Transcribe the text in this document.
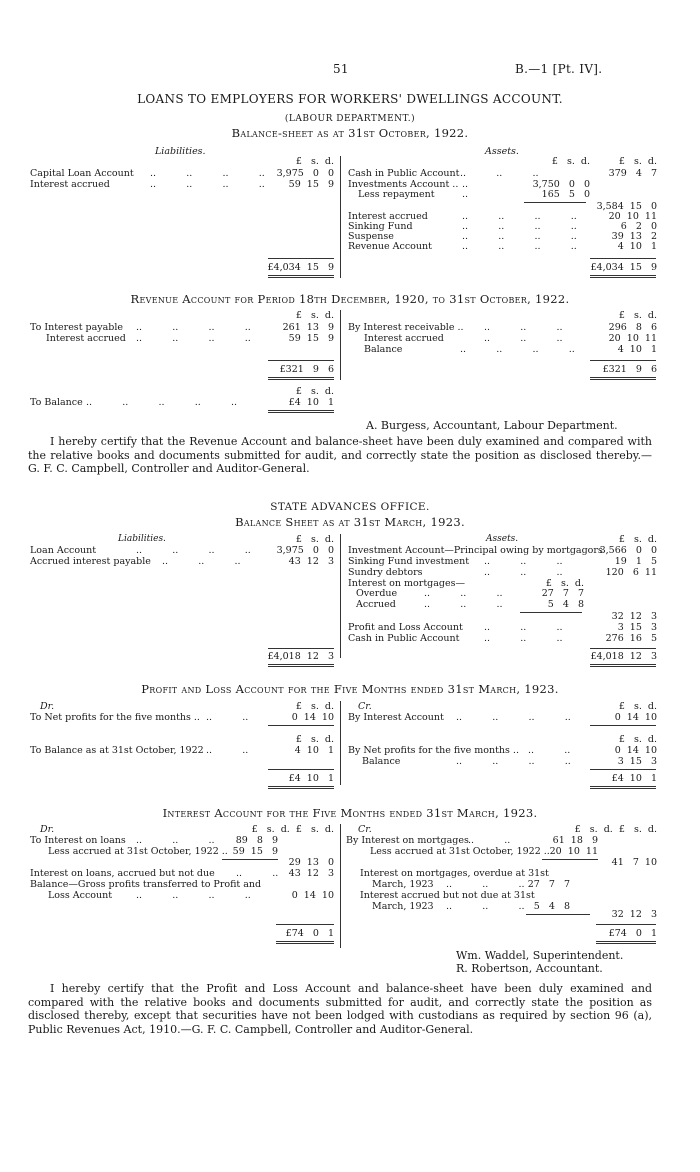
51	B.—1 [Pt. IV].
LOANS TO EMPLOYERS FOR WORKERS' DWELLINGS ACCOUNT.
(LABOUR DEPARTMENT.)
Balance-sheet as at 31st October, 1922.
Liabilities.	Assets.
£   s.  d.	£   s.  d.	£   s.  d.
Capital Loan Account ..          ..          ..          ..	3,975   0   0
Interest accrued	..          ..          ..          ..	59  15   9
£4,034  15   9
Cash in Public Account ..          ..          ..	379   4   7
Investments Account .. ..	3,750   0   0
Less repayment	..	165   5   0
3,584  15   0
Interest accrued	..          ..          ..          ..	20  10  11
Sinking Fund	..          ..          ..          ..	6   2   0
Suspense	..          ..          ..          ..	39  13   2
Revenue Account	..          ..          ..          ..	4  10   1
£4,034  15   9
Revenue Account for Period 18th December, 1920, to 31st October, 1922.
£   s.  d.	£   s.  d.
To Interest payable ..          ..          ..          ..	261  13   9
Interest accrued ..          ..          ..          ..	59  15   9
£321   9   6
By Interest receivable .. ..          ..          ..	296   8   6
Interest accrued	..          ..          ..	20  10  11
Balance	..          ..          ..          ..	4  10   1
£321   9   6
£   s.  d.
To Balance ..          ..          ..          ..          ..	£4  10   1
A. Burgess, Accountant, Labour Department.
I hereby certify that the Revenue Account and balance-sheet have been duly examined and compared with the relative books and documents submitted for audit, and correctly state the position as disclosed thereby.— G. F. C. Campbell, Controller and Auditor-General.
STATE ADVANCES OFFICE.
Balance Sheet as at 31st March, 1923.
Liabilities.	Assets.
£   s.  d.	£   s.  d.
Loan Account	..          ..          ..          ..	3,975   0   0
Accrued interest payable ..          ..          ..	43  12   3
£4,018  12   3
Investment Account—Principal owing by mortgagors
3,566   0   0
Sinking Fund investment ..          ..          ..	19   1   5
Sundry debtors	..          ..          ..	120   6  11
Interest on mortgages—	£   s.  d.
Overdue	..          ..          ..	27   7   7
Accrued	..          ..          ..	5   4   8
32  12   3
Profit and Loss Account ..          ..          ..	3  15   3
Cash in Public Account	..          ..          ..	276  16   5
£4,018  12   3
Profit and Loss Account for the Five Months ended 31st March, 1923.
Dr.	Cr.
£   s.  d.	£   s.  d.
To Net profits for the five months .. ..          ..	0  14  10
£   s.  d.
To Balance as at 31st October, 1922 ..          ..	4  10   1
£4  10   1
By Interest Account ..          ..          ..          ..	0  14  10
£   s.  d.
By Net profits for the five months .. ..          ..	0  14  10
Balance	..          ..          ..          ..	3  15   3
£4  10   1
Interest Account for the Five Months ended 31st March, 1923.
Dr.	Cr.
£   s.  d.  £   s.  d.	£   s.  d.  £   s.  d.
To Interest on loans ..          ..          ..	89   8   9
Less accrued at 31st October, 1922 .. 59  15   9
29  13   0
Interest on loans, accrued but not due ..          ..	43  12   3
Balance—Gross profits transferred to Profit and
Loss Account	..          ..          ..          ..	0  14  10
£74   0   1
By Interest on mortgages ..          ..	61  18   9
Less accrued at 31st October, 1922 .. 20  10  11
41   7  10
Interest on mortgages, overdue at 31st
March, 1923 ..          ..          .. 27   7   7
Interest accrued but not due at 31st
March, 1923 ..          ..          .. 5   4   8
32  12   3
£74   0   1
Wm. Waddel, Superintendent.
R. Robertson, Accountant.
I hereby certify that the Profit and Loss Account and balance-sheet have been duly examined and compared with the relative books and documents submitted for audit, and correctly state the position as disclosed thereby, except that securities have not been lodged with custodians as required by section 96 (a), Public Revenues Act, 1910.—G. F. C. Campbell, Controller and Auditor-General.
